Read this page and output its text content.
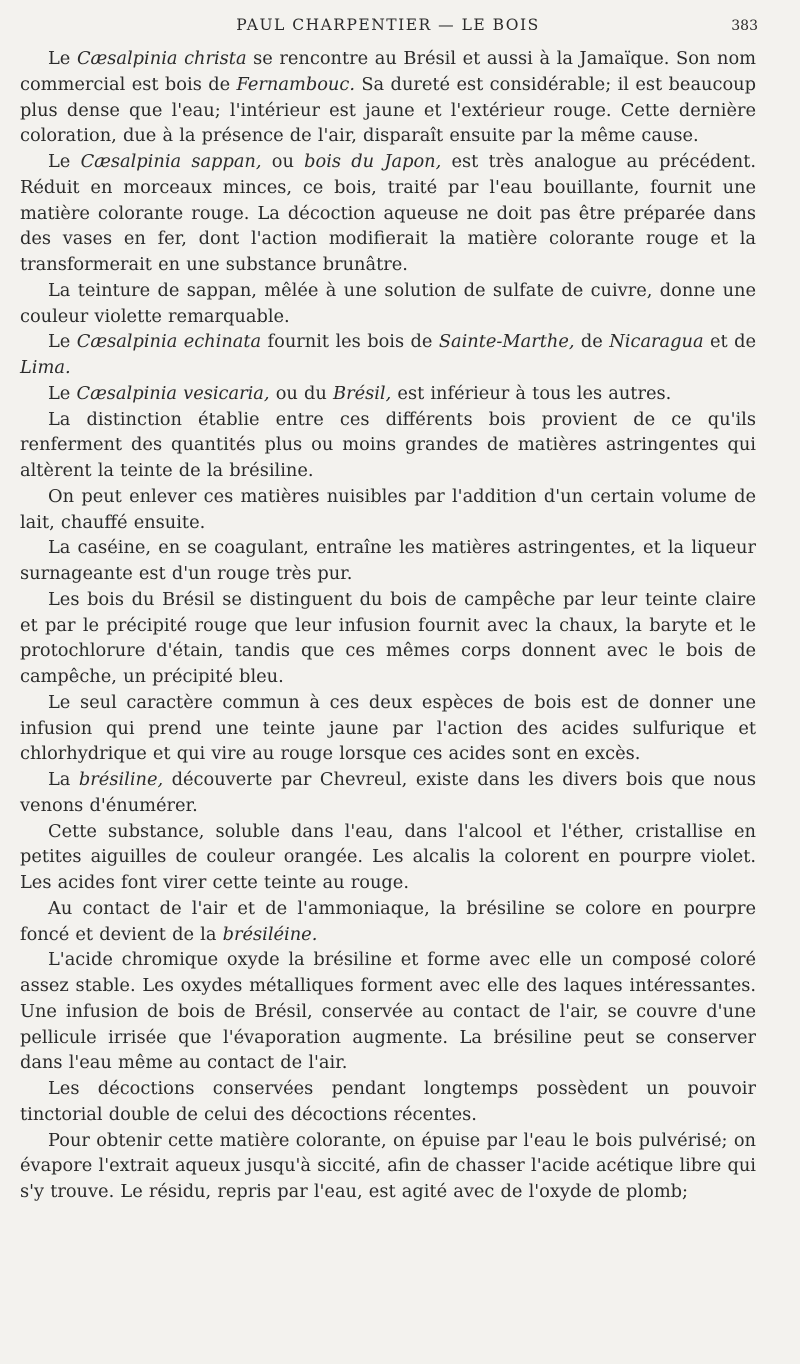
PAUL CHARPENTIER — LE BOIS	383

Le Cæsalpinia christa se rencontre au Brésil et aussi à la Jamaïque. Son nom commercial est bois de Fernambouc. Sa dureté est considérable; il est beaucoup plus dense que l'eau; l'intérieur est jaune et l'extérieur rouge. Cette dernière coloration, due à la présence de l'air, disparaît ensuite par la même cause.

Le Cæsalpinia sappan, ou bois du Japon, est très analogue au précédent. Réduit en morceaux minces, ce bois, traité par l'eau bouillante, fournit une matière colorante rouge. La décoction aqueuse ne doit pas être préparée dans des vases en fer, dont l'action modifierait la matière colorante rouge et la transformerait en une substance brunâtre.

La teinture de sappan, mêlée à une solution de sulfate de cuivre, donne une couleur violette remarquable.

Le Cæsalpinia echinata fournit les bois de Sainte-Marthe, de Nicaragua et de Lima.

Le Cæsalpinia vesicaria, ou du Brésil, est inférieur à tous les autres.

La distinction établie entre ces différents bois provient de ce qu'ils renferment des quantités plus ou moins grandes de matières astringentes qui altèrent la teinte de la brésiline.

On peut enlever ces matières nuisibles par l'addition d'un certain volume de lait, chauffé ensuite.

La caséine, en se coagulant, entraîne les matières astringentes, et la liqueur surnageante est d'un rouge très pur.

Les bois du Brésil se distinguent du bois de campêche par leur teinte claire et par le précipité rouge que leur infusion fournit avec la chaux, la baryte et le protochlorure d'étain, tandis que ces mêmes corps donnent avec le bois de campêche, un précipité bleu.

Le seul caractère commun à ces deux espèces de bois est de donner une infusion qui prend une teinte jaune par l'action des acides sulfurique et chlorhydrique et qui vire au rouge lorsque ces acides sont en excès.

La brésiline, découverte par Chevreul, existe dans les divers bois que nous venons d'énumérer.

Cette substance, soluble dans l'eau, dans l'alcool et l'éther, cristallise en petites aiguilles de couleur orangée. Les alcalis la colorent en pourpre violet. Les acides font virer cette teinte au rouge.

Au contact de l'air et de l'ammoniaque, la brésiline se colore en pourpre foncé et devient de la brésiléine.

L'acide chromique oxyde la brésiline et forme avec elle un composé coloré assez stable. Les oxydes métalliques forment avec elle des laques intéressantes. Une infusion de bois de Brésil, conservée au contact de l'air, se couvre d'une pellicule irrisée que l'évaporation augmente. La brésiline peut se conserver dans l'eau même au contact de l'air.

Les décoctions conservées pendant longtemps possèdent un pouvoir tinctorial double de celui des décoctions récentes.

Pour obtenir cette matière colorante, on épuise par l'eau le bois pulvérisé; on évapore l'extrait aqueux jusqu'à siccité, afin de chasser l'acide acétique libre qui s'y trouve. Le résidu, repris par l'eau, est agité avec de l'oxyde de plomb;
